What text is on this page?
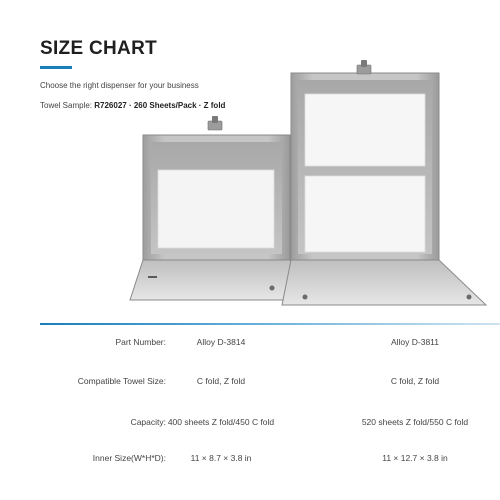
SIZE CHART
Choose the right dispenser for your business
Towel Sample: R726027 · 260 Sheets/Pack · Z fold
Part Number:	Alloy D-3814	Alloy D-3811
Compatible Towel Size:	C fold, Z fold	C fold, Z fold
Capacity: 400 sheets Z fold/450 C fold	520 sheets Z fold/550 C fold
Inner Size(W*H*D):	11 × 8.7 × 3.8 in	11 × 12.7 × 3.8 in
